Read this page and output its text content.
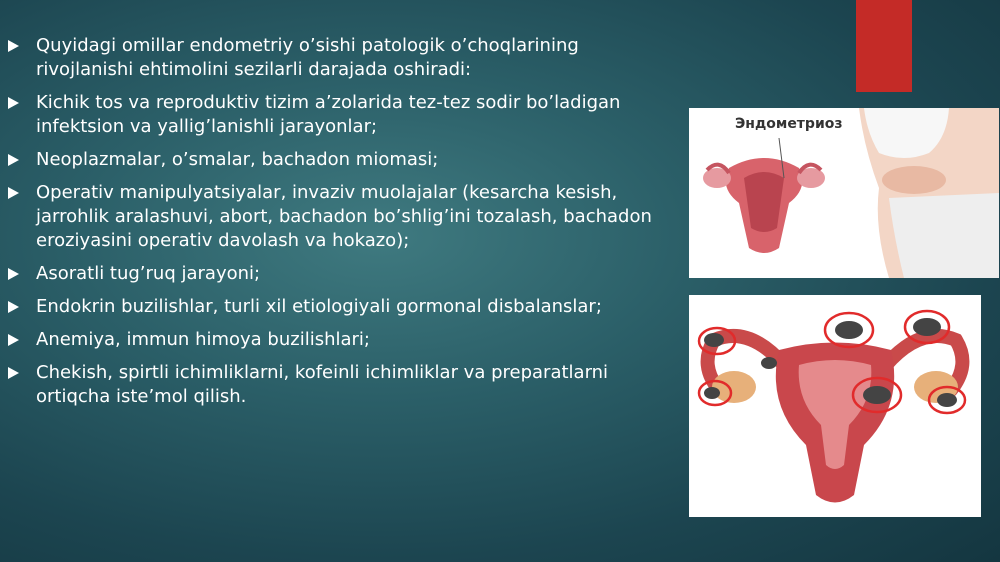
Quyidagi omillar endometriy o’sishi patologik o’choqlarining
rivojlanishi ehtimolini sezilarli darajada oshiradi:
Kichik tos va reproduktiv tizim a’zolarida tez-tez sodir bo’ladigan
infektsion va yallig’lanishli jarayonlar;
Neoplazmalar, o’smalar, bachadon miomasi;
Operativ manipulyatsiyalar, invaziv muolajalar (kesarcha kesish,
jarrohlik aralashuvi, abort, bachadon bo’shlig’ini tozalash, bachadon
eroziyasini operativ davolash va hokazo);
Asoratli tug’ruq jarayoni;
Endokrin buzilishlar, turli xil etiologiyali gormonal disbalanslar;
Anemiya, immun himoya buzilishlari;
Chekish, spirtli ichimliklarni, kofeinli ichimliklar va preparatlarni
ortiqcha iste’mol qilish.
Эндометриоз
